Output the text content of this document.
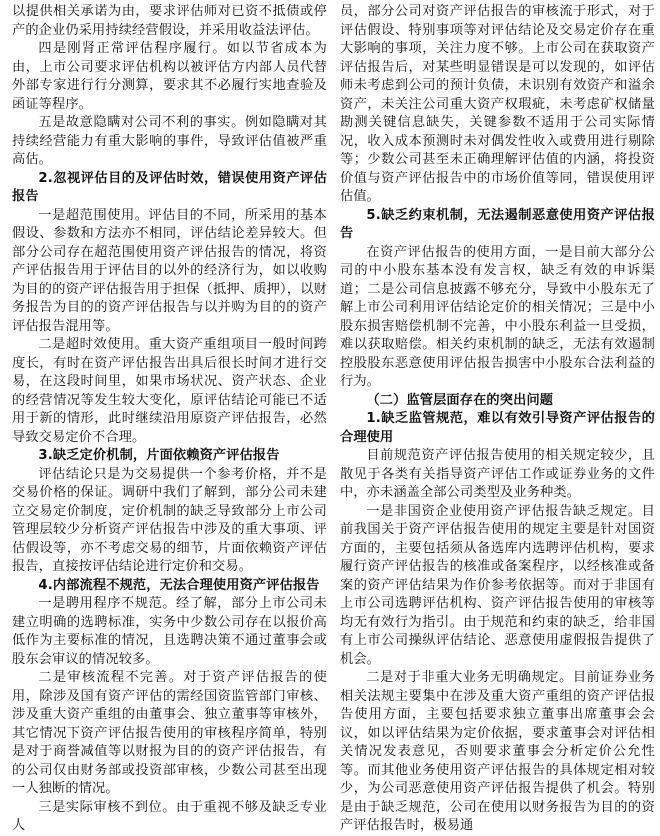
以提供相关承诺为由，要求评估师对已资不抵债或停产的企业仍采用持续经营假设，并采用收益法评估。

四是刚肾正常评估程序履行。如以节省成本为由，上市公司要求评估机构以被评估方内部人员代替外部专家进行行分测算，要求其不必履行实地查验及函证等程序。

五是故意隐瞒对公司不利的事实。例如隐瞒对其持续经营能力有重大影响的事件，导致评估值被严重高估。

2.忽视评估目的及评估时效，错误使用资产评估报告

一是超范围使用。评估目的不同，所采用的基本假设、参数和方法亦不相同，评估结论差异较大。但部分公司存在超范围使用资产评估报告的情况，将资产评估报告用于评估目的以外的经济行为，如以收购为目的的资产评估报告用于担保（抵押、质押），以财务报告为目的的资产评估报告与以并购为目的的资产评估报告混用等。

二是超时效使用。重大资产重组项目一般时间跨度长，有时在资产评估报告出具后很长时间才进行交易，在这段时间里，如果市场状况、资产状态、企业的经营情况等发生较大变化，原评估结论可能已不适用于新的情形，此时继续沿用原资产评估报告，必然导致交易定价不合理。

3.缺乏定价机制，片面依赖资产评估报告

评估结论只是为交易提供一个参考价格，并不是交易价格的保证。调研中我们了解到，部分公司未建立交易定价制度，定价机制的缺乏导致部分上市公司管理层较少分析资产评估报告中涉及的重大事项、评估假设等，亦不考虑交易的细节，片面依赖资产评估报告，直接按评估结论进行定价和交易。

4.内部流程不规范，无法合理使用资产评估报告

一是聘用程序不规范。经了解，部分上市公司未建立明确的选聘标准，实务中少数公司存在以报价高低作为主要标准的情况，且选聘决策不通过董事会或股东会审议的情况较多。

二是审核流程不完善。对于资产评估报告的使用，除涉及国有资产评估的需经国资监管部门审核、涉及重大资产重组的由董事会、独立董事等审核外，其它情况下资产评估报告使用的审核程序简单，特别是对于商誉减值等以财报为目的的资产评估报告，有的公司仅由财务部或投资部审核，少数公司甚至出现一人独断的情况。

三是实际审核不到位。由于重视不够及缺乏专业人

员，部分公司对资产评估报告的审核流于形式，对于评估假设、特别事项等对评估结论及交易定价存在重大影响的事项，关注力度不够。上市公司在获取资产评估报告后，对某些明显错误是可以发现的，如评估师未考虑到公司的预计负债，未识别有效资产和溢余资产，未关注公司重大资产权瑕疵，未考虑矿权储量勘测关键信息缺失，关键参数不适用于公司实际情况，收入成本预测时未对偶发性收入或费用进行剔除等；少数公司甚至未正确理解评估值的内涵，将投资价值与资产评估报告中的市场价值等同，错误使用评估值。

5.缺乏约束机制，无法遏制恶意使用资产评估报告

在资产评估报告的使用方面，一是目前大部分公司的中小股东基本没有发言权，缺乏有效的申诉渠道；二是公司信息披露不够充分，导致中小股东无了解上市公司利用评估结论定价的相关情况；三是中小股东损害赔偿机制不完善，中小股东利益一旦受损，难以获取赔偿。相关约束机制的缺乏，无法有效遏制控股股东恶意使用评估报告损害中小股东合法利益的行为。

（二）监管层面存在的突出问题

1.缺乏监管规范，难以有效引导资产评估报告的合理使用

目前规范资产评估报告使用的相关规定较少，且散见于各类有关指导资产评估工作或证券业务的文件中，亦未涵盖全部公司类型及业务种类。

一是非国资企业使用资产评估报告缺乏规定。目前我国关于资产评估报告使用的规定主要是针对国资方面的，主要包括须从备选库内选聘评估机构，要求履行资产评估报告的核准或备案程序，以经核准或备案的资产评估结果为作价参考依据等。而对于非国有上市公司选聘评估机构、资产评估报告使用的审核等均无有效行为指引。由于规范和约束的缺乏，给非国有上市公司操纵评估结论、恶意使用虚假报告提供了机会。

二是对于非重大业务无明确规定。目前证券业务相关法规主要集中在涉及重大资产重组的资产评估报告使用方面，主要包括要求独立董事出席董事会会议，如以评估结果为定价依据，要求董事会对评估相关情况发表意见，否则要求董事会分析定价公允性等。而其他业务使用资产评估报告的具体规定相对较少，为公司恶意使用资产评估报告提供了机会。特别是由于缺乏规范，公司在使用以财务报告为目的的资产评估报告时，极易通
